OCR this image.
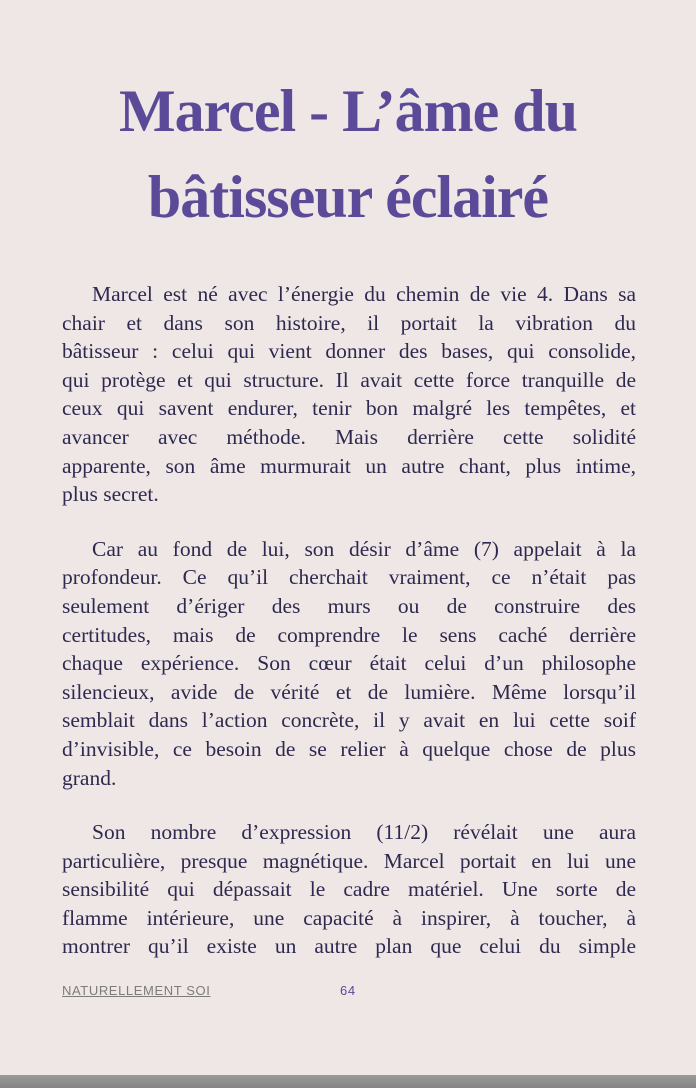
Marcel - L’âme du
bâtisseur éclairé
Marcel est né avec l’énergie du chemin de vie 4. Dans sa
chair et dans son histoire, il portait la vibration du
bâtisseur : celui qui vient donner des bases, qui consolide,
qui protège et qui structure. Il avait cette force tranquille de
ceux qui savent endurer, tenir bon malgré les tempêtes, et
avancer avec méthode. Mais derrière cette solidité
apparente, son âme murmurait un autre chant, plus intime,
plus secret.
Car au fond de lui, son désir d’âme (7) appelait à la
profondeur. Ce qu’il cherchait vraiment, ce n’était pas
seulement d’ériger des murs ou de construire des
certitudes, mais de comprendre le sens caché derrière
chaque expérience. Son cœur était celui d’un philosophe
silencieux, avide de vérité et de lumière. Même lorsqu’il
semblait dans l’action concrète, il y avait en lui cette soif
d’invisible, ce besoin de se relier à quelque chose de plus
grand.
Son nombre d’expression (11/2) révélait une aura
particulière, presque magnétique. Marcel portait en lui une
sensibilité qui dépassait le cadre matériel. Une sorte de
flamme intérieure, une capacité à inspirer, à toucher, à
montrer qu’il existe un autre plan que celui du simple
NATURELLEMENT SOI	64
